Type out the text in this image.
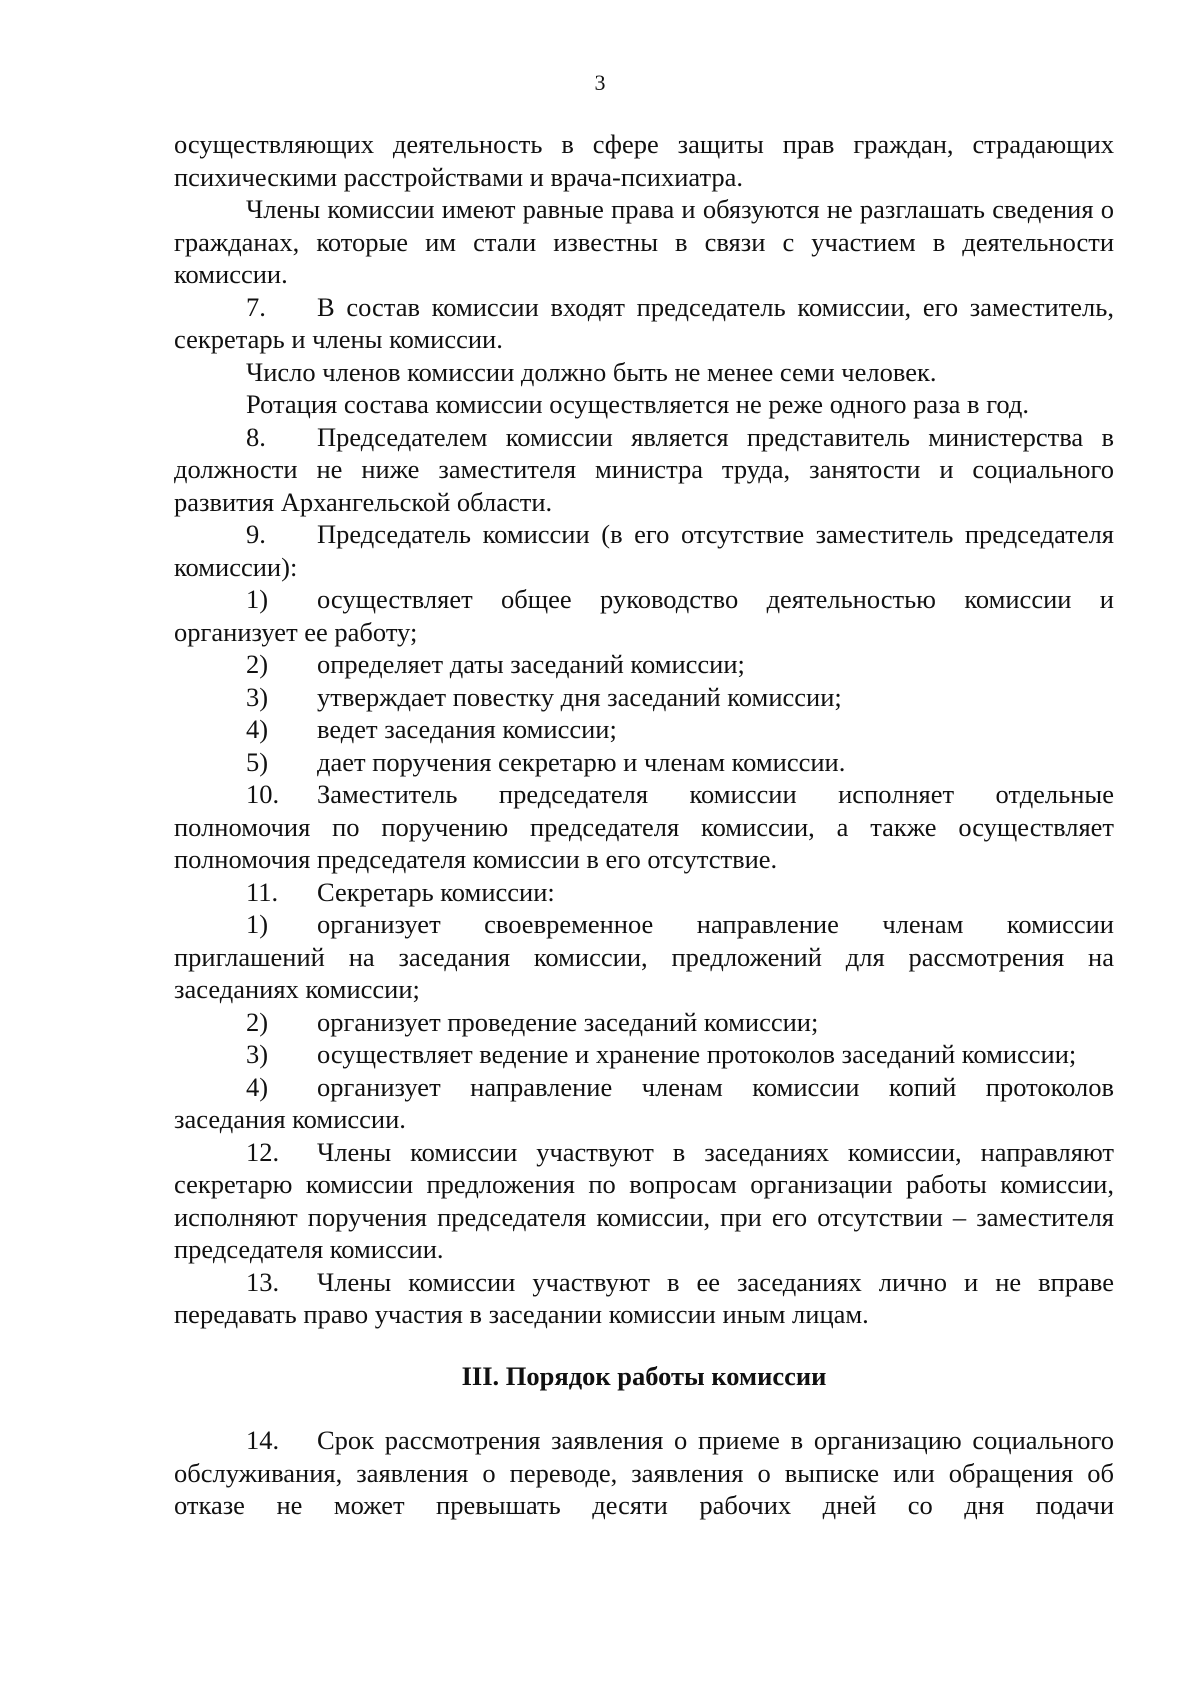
3

осуществляющих деятельность в сфере защиты прав граждан, страдающих психическими расстройствами и врача-психиатра.

Члены комиссии имеют равные права и обязуются не разглашать сведения о гражданах, которые им стали известны в связи с участием в деятельности комиссии.

7. В состав комиссии входят председатель комиссии, его заместитель, секретарь и члены комиссии.

Число членов комиссии должно быть не менее семи человек.

Ротация состава комиссии осуществляется не реже одного раза в год.

8. Председателем комиссии является представитель министерства в должности не ниже заместителя министра труда, занятости и социального развития Архангельской области.

9. Председатель комиссии (в его отсутствие заместитель председателя комиссии):

1) осуществляет общее руководство деятельностью комиссии и организует ее работу;

2) определяет даты заседаний комиссии;

3) утверждает повестку дня заседаний комиссии;

4) ведет заседания комиссии;

5) дает поручения секретарю и членам комиссии.

10. Заместитель председателя комиссии исполняет отдельные полномочия по поручению председателя комиссии, а также осуществляет полномочия председателя комиссии в его отсутствие.

11. Секретарь комиссии:

1) организует своевременное направление членам комиссии приглашений на заседания комиссии, предложений для рассмотрения на заседаниях комиссии;

2) организует проведение заседаний комиссии;

3) осуществляет ведение и хранение протоколов заседаний комиссии;

4) организует направление членам комиссии копий протоколов заседания комиссии.

12. Члены комиссии участвуют в заседаниях комиссии, направляют секретарю комиссии предложения по вопросам организации работы комиссии, исполняют поручения председателя комиссии, при его отсутствии – заместителя председателя комиссии.

13. Члены комиссии участвуют в ее заседаниях лично и не вправе передавать право участия в заседании комиссии иным лицам.

III. Порядок работы комиссии

14. Срок рассмотрения заявления о приеме в организацию социального обслуживания, заявления о переводе, заявления о выписке или обращения об отказе не может превышать десяти рабочих дней со дня подачи
